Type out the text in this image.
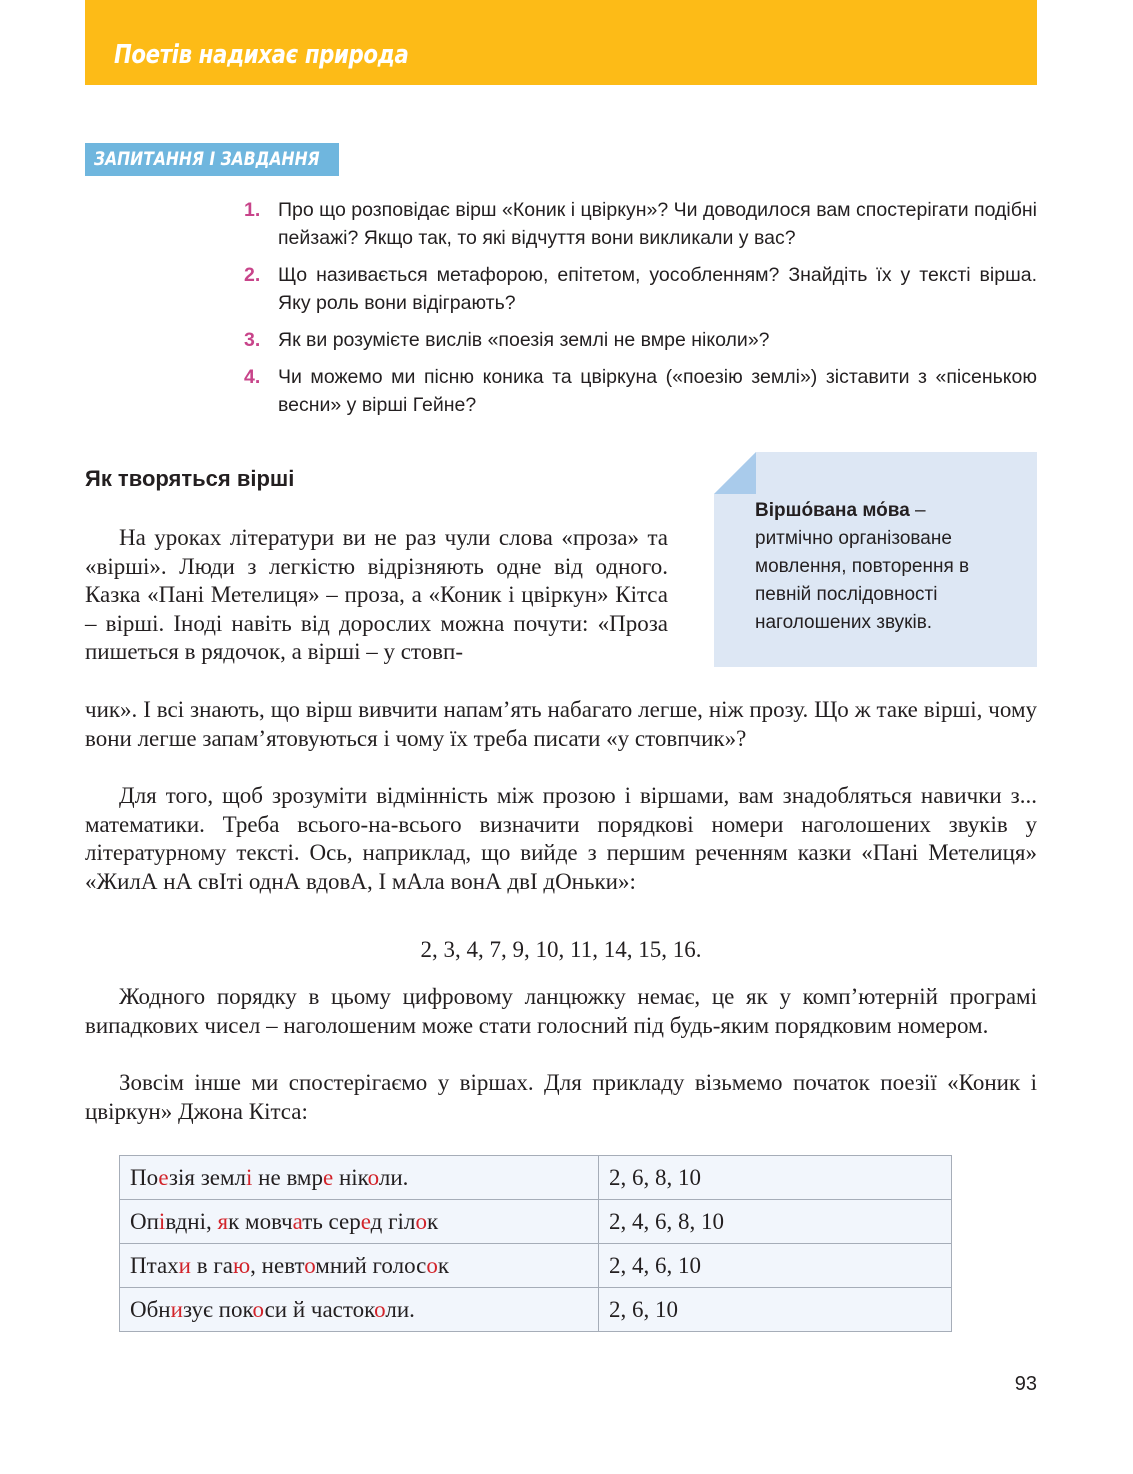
Поетів надихає природа
ЗАПИТАННЯ І ЗАВДАННЯ
1. Про що розповідає вірш «Коник і цвіркун»? Чи доводилося вам спостерігати подібні пейзажі? Якщо так, то які відчуття вони викликали у вас?
2. Що називається метафорою, епітетом, уособленням? Знайдіть їх у тексті вірша. Яку роль вони відіграють?
3. Як ви розумієте вислів «поезія землі не вмре ніколи»?
4. Чи можемо ми пісню коника та цвіркуна («поезію землі») зіставити з «пісенькою весни» у вірші Гейне?
Як творяться вірші

Віршо́вана мо́ва – ритмічно організоване мовлення, повторення в певній послідовності наголошених звуків.

На уроках літератури ви не раз чули слова «проза» та «вірші». Люди з легкістю відрізняють одне від одного. Казка «Пані Метелиця» – проза, а «Коник і цвіркун» Кітса – вірші. Іноді навіть від дорослих можна почути: «Проза пишеться в рядочок, а вірші – у стовп-

чик». І всі знають, що вірш вивчити напам’ять набагато легше, ніж прозу. Що ж таке вірші, чому вони легше запам’ятовуються і чому їх треба писати «у стовпчик»?

Для того, щоб зрозуміти відмінність між прозою і віршами, вам знадобляться навички з... математики. Треба всього-на-всього визначити порядкові номери наголошених звуків у літературному тексті. Ось, наприклад, що вийде з першим реченням казки «Пані Метелиця» «ЖилА нА свІті однА вдовА, І мАла вонА двІ дОньки»:

2, 3, 4, 7, 9, 10, 11, 14, 15, 16.

Жодного порядку в цьому цифровому ланцюжку немає, це як у комп’ютерній програмі випадкових чисел – наголошеним може стати голосний під будь-яким порядковим номером.

Зовсім інше ми спостерігаємо у віршах. Для прикладу візьмемо початок поезії «Коник і цвіркун» Джона Кітса:

Поезія землі не вмре ніколи.	2, 6, 8, 10
Опівдні, як мовчать серед гілок	2, 4, 6, 8, 10
Птахи в гаю, невтомний голосок	2, 4, 6, 10
Обнизує покоси й частоколи.	2, 6, 10

93
